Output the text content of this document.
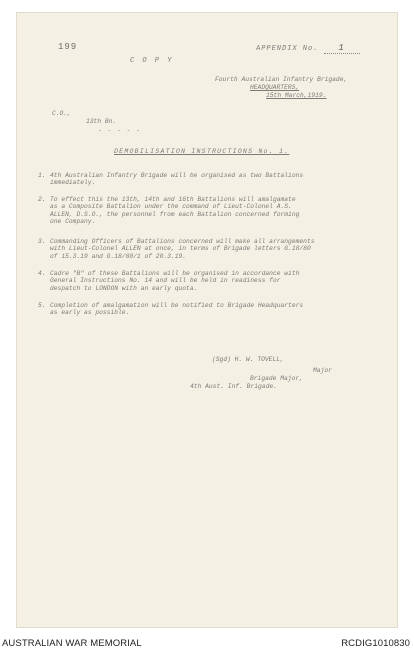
199
C O P Y
APPENDIX No. 1
Fourth Australian Infantry Brigade,
HEADQUARTERS,
15th March,1919.
C.O.,
13th Bn.
- - - - -
DEMOBILISATION INSTRUCTIONS No. 1.
1. 4th Australian Infantry Brigade will be organised as two Battalions
immediately.
2. To effect this the 13th, 14th and 16th Battalions will amalgamate
as a Composite Battalion under the command of Lieut-Colonel A.S.
ALLEN, D.S.O., the personnel from each Battalion concerned forming
one Company.
3. Commanding Officers of Battalions concerned will make all arrangements
with Lieut-Colonel ALLEN at once, in terms of Brigade letters G.18/80
of 15.3.19 and G.18/80/1 of 20.3.19.
4. Cadre "B" of these Battalions will be organised in accordance with
General Instructions No. 14 and will be held in readiness for
despatch to LONDON with an early quota.
5. Completion of amalgamation will be notified to Brigade Headquarters
as early as possible.
(Sgd) H. W. TOVELL,
Major
Brigade Major,
4th Aust. Inf. Brigade.
AUSTRALIAN WAR MEMORIAL	RCDIG1010830
